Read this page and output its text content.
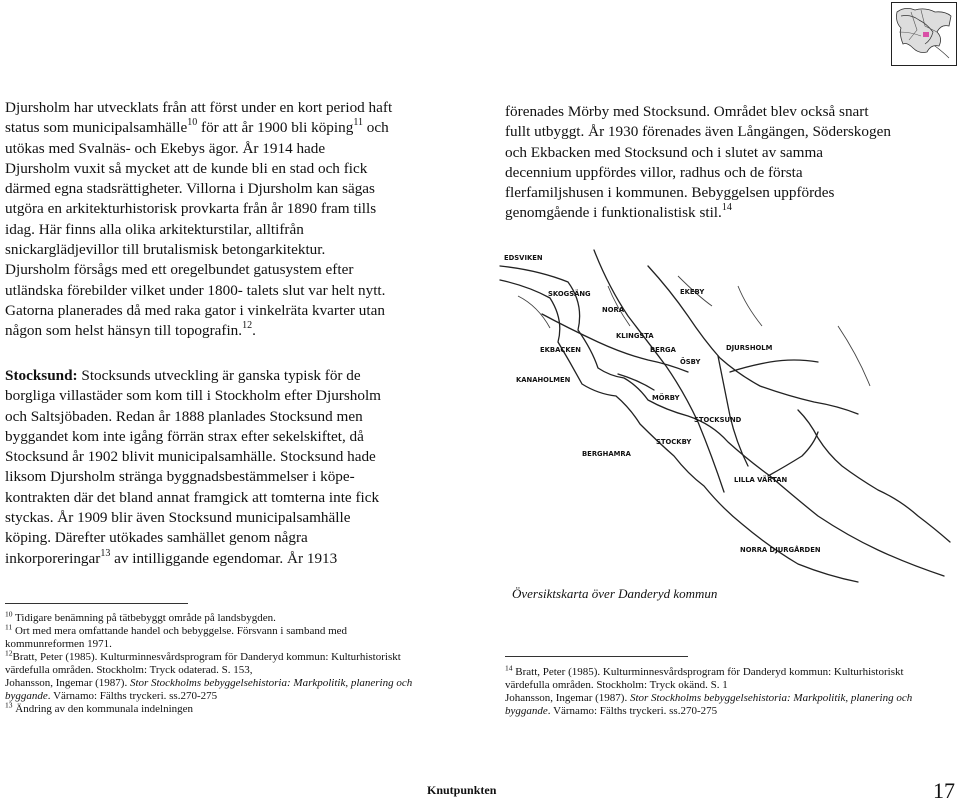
Djursholm har utvecklats från att först under en kort period haft
status som municipalsamhälle$^{10}$ för att år 1900 bli köping$^{11}$ och
utökas med Svalnäs- och Ekebys ägor. År 1914 hade
Djursholm vuxit så mycket att de kunde bli en stad och fick
därmed egna stadsrättigheter. Villorna i Djursholm kan sägas
utgöra en arkitekturhistorisk provkarta från år 1890 fram tills
idag. Här finns alla olika arkitekturstilar, alltifrån
snickarglädjevillor till brutalismisk betongarkitektur.
Djursholm försågs med ett oregelbundet gatusystem efter
utländska förebilder vilket under 1800- talets slut var helt nytt.
Gatorna planerades då med raka gator i vinkelräta kvarter utan
någon som helst hänsyn till topografin.$^{12}$.

Stocksund: Stocksunds utveckling är ganska typisk för de
borgliga villastäder som kom till i Stockholm efter Djursholm
och Saltsjöbaden. Redan år 1888 planlades Stocksund men
byggandet kom inte igång förrän strax efter sekelskiftet, då
Stocksund år 1902 blivit municipalsamhälle. Stocksund hade
liksom Djursholm stränga byggnadsbestämmelser i köpe-
kontrakten där det bland annat framgick att tomterna inte fick
styckas. År 1909 blir även Stocksund municipalsamhälle
köping. Därefter utökades samhället genom några
inkorporeringar$^{13}$ av intilliggande egendomar. År 1913

förenades Mörby med Stocksund. Området blev också snart
fullt utbyggt. År 1930 förenades även Långängen, Söderskogen
och Ekbacken med Stocksund och i slutet av samma
decennium uppfördes villor, radhus och de första
flerfamiljshusen i kommunen. Bebyggelsen uppfördes
genomgående i funktionalistisk stil.$^{14}$

EDSVIKEN
SKOGSÄNG	EKEBY
NORA
KLINGSTA
EKBACKEN	BERGA	DJURSHOLM
ÖSBY
KANAHOLMEN
STOCKSUND
STOCKBY
MÖRBY
BERGHAMRA
LILLA VÄRTAN
NORRA DJURGÅRDEN
Översiktskarta över Danderyd kommun

$^{10}$ Tidigare benämning på tätbebyggt område på landsbygden.

$^{11}$ Ort med mera omfattande handel och bebyggelse. Försvann i samband med
kommunreformen 1971.

$^{12}$Bratt, Peter (1985). Kulturminnesvårdsprogram för Danderyd kommun: Kulturhistoriskt
värdefulla områden. Stockholm: Tryck odaterad. S. 153,
Johansson, Ingemar (1987). Stor Stockholms bebyggelsehistoria: Markpolitik, planering och
byggande. Värnamo: Fälths tryckeri. ss.270-275

$^{13}$ Ändring av den kommunala indelningen

$^{14}$ Bratt, Peter (1985). Kulturminnesvårdsprogram för Danderyd kommun: Kulturhistoriskt
värdefulla områden. Stockholm: Tryck okänd. S. 1
Johansson, Ingemar (1987). Stor Stockholms bebyggelsehistoria: Markpolitik, planering och
byggande. Värnamo: Fälths tryckeri. ss.270-275

Knutpunkten	17
